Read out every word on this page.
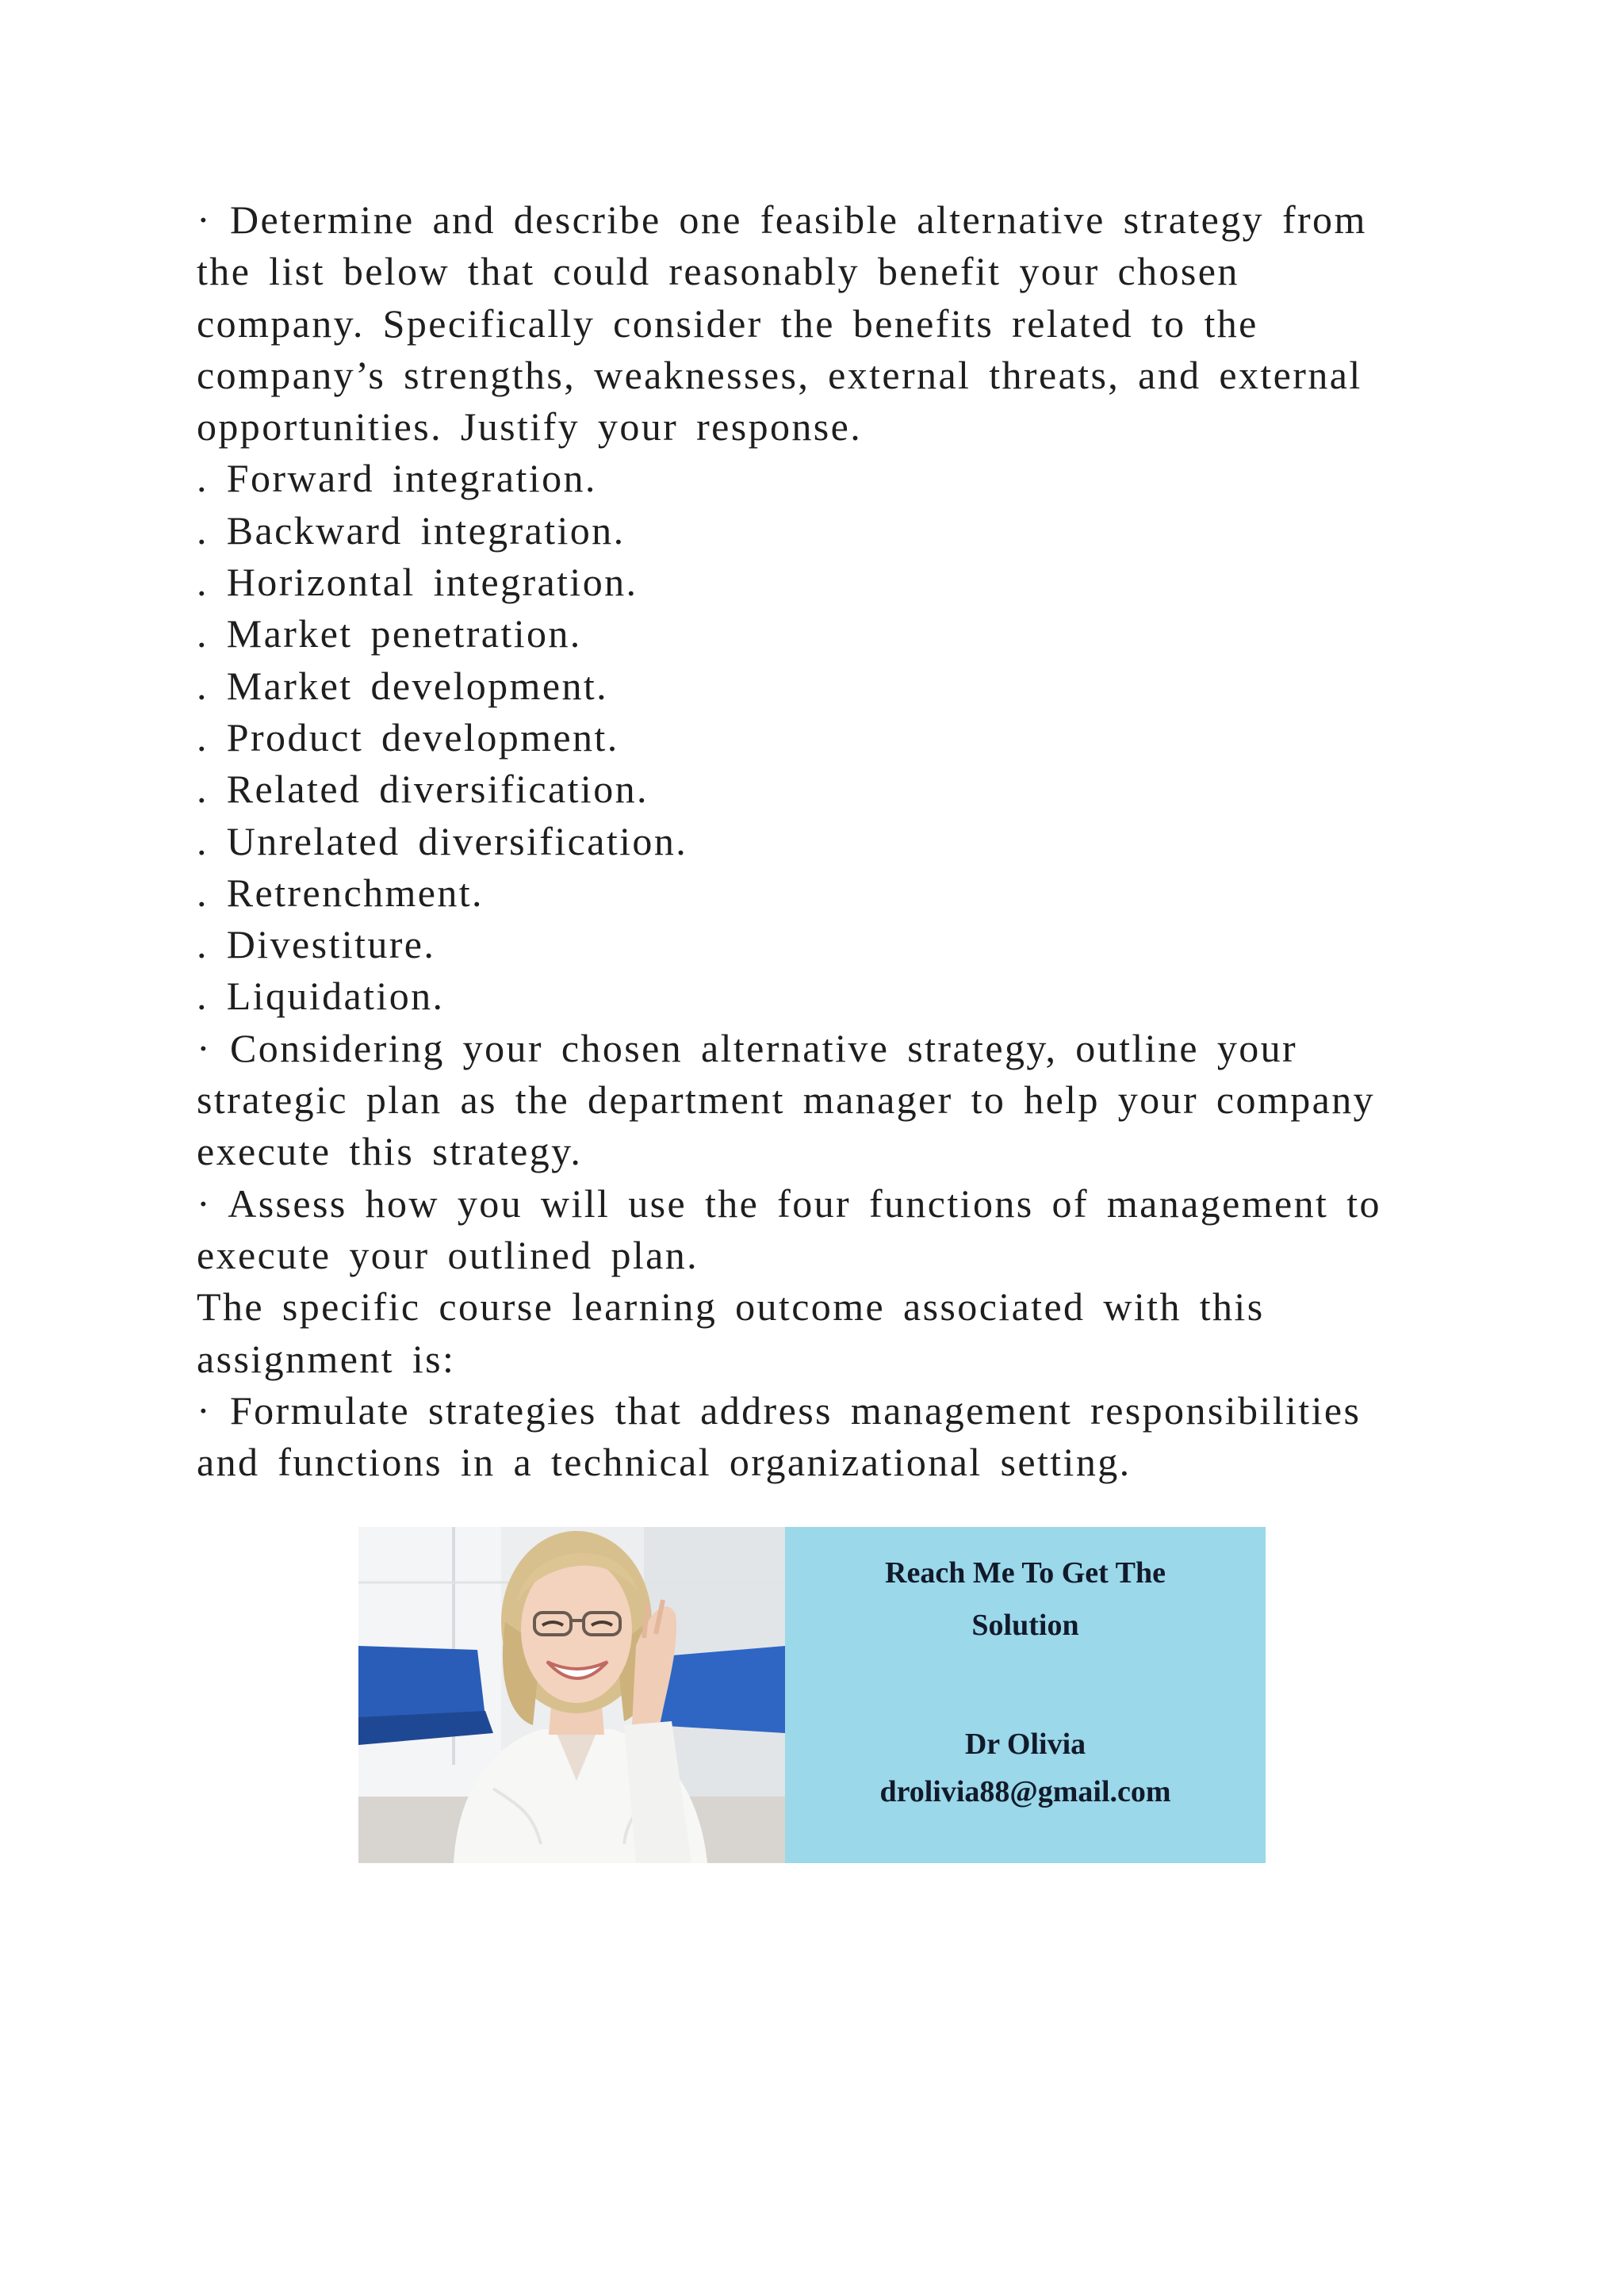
· Determine and describe one feasible alternative strategy from
the list below that could reasonably benefit your chosen
company. Specifically consider the benefits related to the
company’s strengths, weaknesses, external threats, and external
opportunities. Justify your response.
. Forward integration.
. Backward integration.
. Horizontal integration.
. Market penetration.
. Market development.
. Product development.
. Related diversification.
. Unrelated diversification.
. Retrenchment.
. Divestiture.
. Liquidation.
· Considering your chosen alternative strategy, outline your
strategic plan as the department manager to help your company
execute this strategy.
· Assess how you will use the four functions of management to
execute your outlined plan.
The specific course learning outcome associated with this
assignment is:
· Formulate strategies that address management responsibilities
and functions in a technical organizational setting.
Reach Me To Get The
Solution
Dr Olivia
drolivia88@gmail.com
